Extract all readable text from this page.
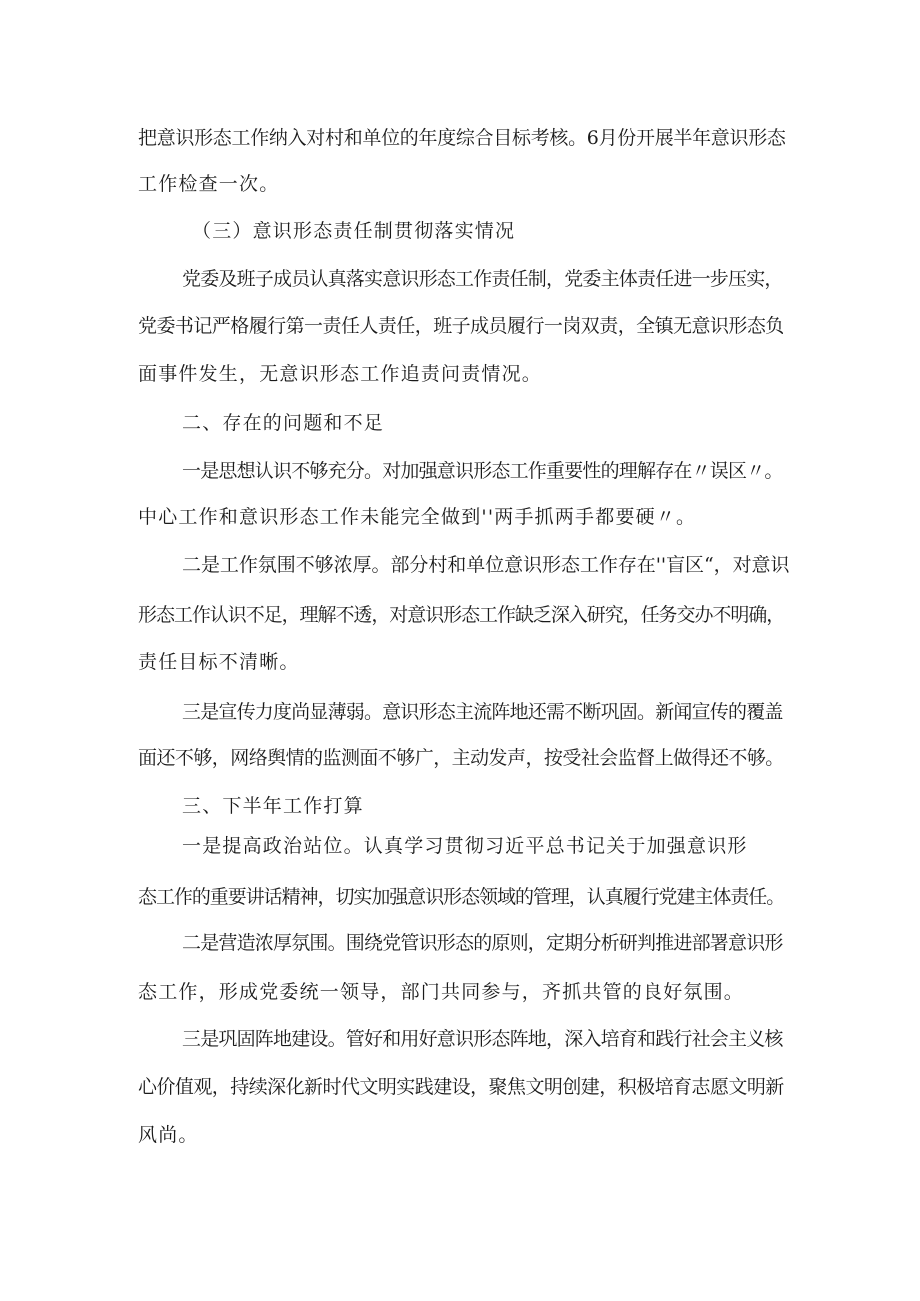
把意识形态工作纳入对村和单位的年度综合目标考核。6月份开展半年意识形态
工作检查一次。
（三）意识形态责任制贯彻落实情况
党委及班子成员认真落实意识形态工作责任制，党委主体责任进一步压实，
党委书记严格履行第一责任人责任，班子成员履行一岗双责，全镇无意识形态负
面事件发生，无意识形态工作追责问责情况。
二、存在的问题和不足
一是思想认识不够充分。对加强意识形态工作重要性的理解存在〃误区〃。
中心工作和意识形态工作未能完全做到''两手抓两手都要硬〃。
二是工作氛围不够浓厚。部分村和单位意识形态工作存在''盲区“，对意识
形态工作认识不足，理解不透，对意识形态工作缺乏深入研究，任务交办不明确，
责任目标不清晰。
三是宣传力度尚显薄弱。意识形态主流阵地还需不断巩固。新闻宣传的覆盖
面还不够，网络舆情的监测面不够广，主动发声，按受社会监督上做得还不够。
三、下半年工作打算
一是提高政治站位。认真学习贯彻习近平总书记关于加强意识形
态工作的重要讲话精神，切实加强意识形态领域的管理，认真履行党建主体责任。
二是营造浓厚氛围。围绕党管识形态的原则，定期分析研判推进部署意识形
态工作，形成党委统一领导，部门共同参与，齐抓共管的良好氛围。
三是巩固阵地建设。管好和用好意识形态阵地，深入培育和践行社会主义核
心价值观，持续深化新时代文明实践建设，聚焦文明创建，积极培育志愿文明新
风尚。
